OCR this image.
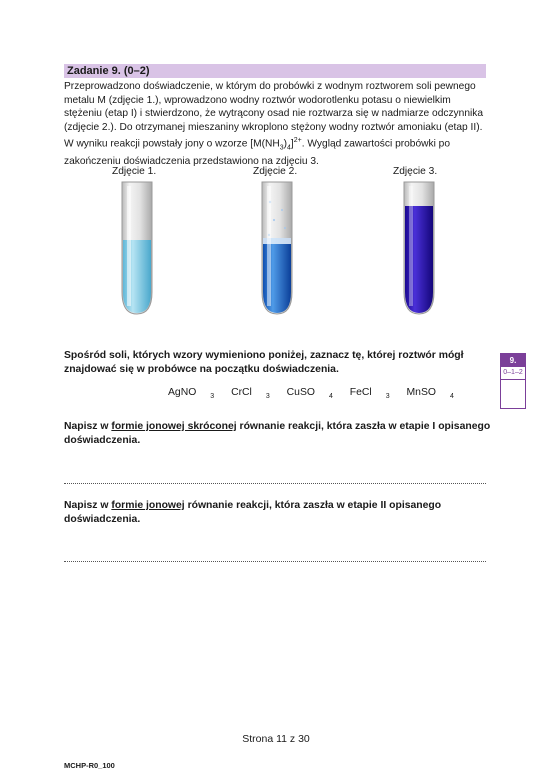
Zadanie 9. (0–2)

Przeprowadzono doświadczenie, w którym do probówki z wodnym roztworem soli pewnego

metalu M (zdjęcie 1.), wprowadzono wodny roztwór wodorotlenku potasu o niewielkim

stężeniu (etap I) i stwierdzono, że wytrącony osad nie roztwarza się w nadmiarze odczynnika

(zdjęcie 2.). Do otrzymanej mieszaniny wkroplono stężony wodny roztwór amoniaku (etap II).

W wyniku reakcji powstały jony o wzorze $[M(NH_3)_4]^{2+}$. Wygląd zawartości probówki po

zakończeniu doświadczenia przedstawiono na zdjęciu 3.

Zdjęcie 1.	Zdjęcie 2.	Zdjęcie 3.

Spośród soli, których wzory wymieniono poniżej, zaznacz tę, której roztwór mógł

znajdować się w probówce na początku doświadczenia.

AgNO $_3$ CrCl $_3$ CuSO $_4$ FeCl $_3$ MnSO $_4$

Napisz w formie jonowej skróconej równanie reakcji, która zaszła w etapie I opisanego

doświadczenia.

Napisz w formie jonowej równanie reakcji, która zaszła w etapie II opisanego

doświadczenia.

9.
0–1–2
Strona 11 z 30
MCHP-R0_100
